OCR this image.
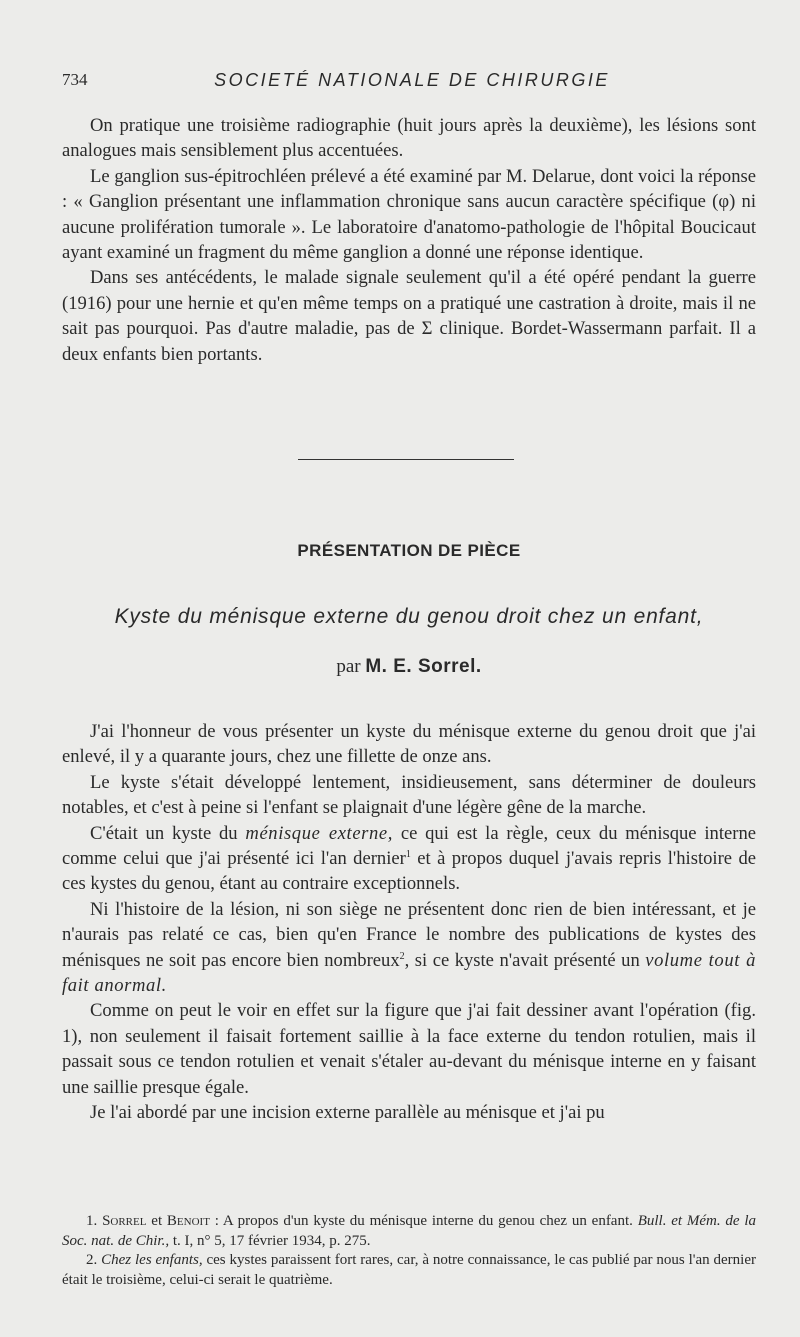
734	SOCIETÉ NATIONALE DE CHIRURGIE

On pratique une troisième radiographie (huit jours après la deuxième), les lésions sont analogues mais sensiblement plus accentuées.

Le ganglion sus-épitrochléen prélevé a été examiné par M. Delarue, dont voici la réponse : « Ganglion présentant une inflammation chronique sans aucun caractère spécifique (φ) ni aucune prolifération tumorale ». Le laboratoire d'anatomo-pathologie de l'hôpital Boucicaut ayant examiné un fragment du même ganglion a donné une réponse identique.

Dans ses antécédents, le malade signale seulement qu'il a été opéré pendant la guerre (1916) pour une hernie et qu'en même temps on a pratiqué une castration à droite, mais il ne sait pas pourquoi. Pas d'autre maladie, pas de Σ clinique. Bordet-Wassermann parfait. Il a deux enfants bien portants.

PRÉSENTATION DE PIÈCE
Kyste du ménisque externe du genou droit chez un enfant,
par M. E. Sorrel.

J'ai l'honneur de vous présenter un kyste du ménisque externe du genou droit que j'ai enlevé, il y a quarante jours, chez une fillette de onze ans.

Le kyste s'était développé lentement, insidieusement, sans déterminer de douleurs notables, et c'est à peine si l'enfant se plaignait d'une légère gêne de la marche.

C'était un kyste du ménisque externe, ce qui est la règle, ceux du ménisque interne comme celui que j'ai présenté ici l'an dernier$^1$ et à propos duquel j'avais repris l'histoire de ces kystes du genou, étant au contraire exceptionnels.

Ni l'histoire de la lésion, ni son siège ne présentent donc rien de bien intéressant, et je n'aurais pas relaté ce cas, bien qu'en France le nombre des publications de kystes des ménisques ne soit pas encore bien nombreux$^2$, si ce kyste n'avait présenté un volume tout à fait anormal.

Comme on peut le voir en effet sur la figure que j'ai fait dessiner avant l'opération (fig. 1), non seulement il faisait fortement saillie à la face externe du tendon rotulien, mais il passait sous ce tendon rotulien et venait s'étaler au-devant du ménisque interne en y faisant une saillie presque égale.

Je l'ai abordé par une incision externe parallèle au ménisque et j'ai pu

1. Sorrel et Benoit : A propos d'un kyste du ménisque interne du genou chez un enfant. Bull. et Mém. de la Soc. nat. de Chir., t. I, n° 5, 17 février 1934, p. 275.

2. Chez les enfants, ces kystes paraissent fort rares, car, à notre connaissance, le cas publié par nous l'an dernier était le troisième, celui-ci serait le quatrième.
